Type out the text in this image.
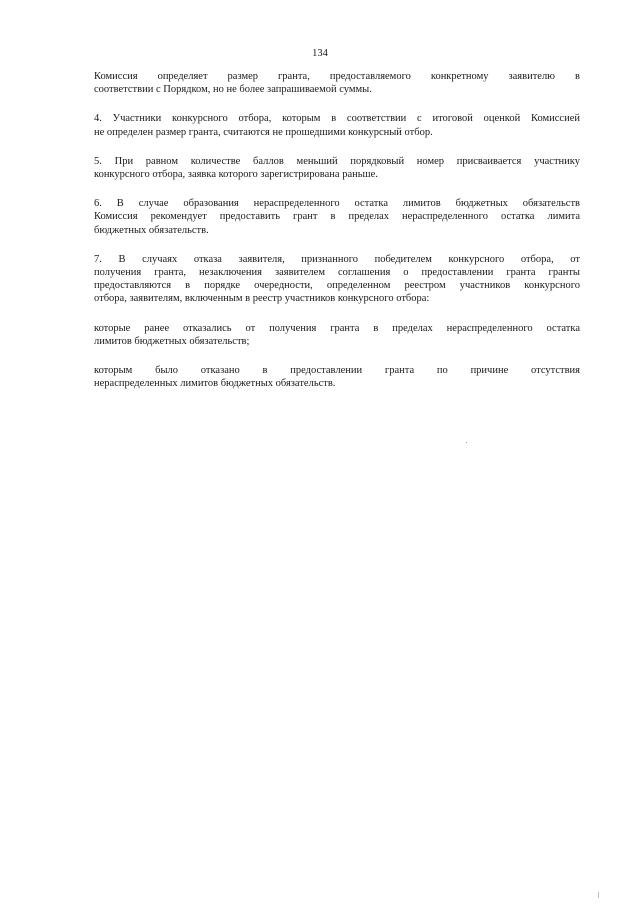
134

Комиссия определяет размер гранта, предоставляемого конкретному заявителю в
соответствии с Порядком, но не более запрашиваемой суммы.

4. Участники конкурсного отбора, которым в соответствии с итоговой оценкой Комиссией
не определен размер гранта, считаются не прошедшими конкурсный отбор.

5. При равном количестве баллов меньший порядковый номер присваивается участнику
конкурсного отбора, заявка которого зарегистрирована раньше.

6. В случае образования нераспределенного остатка лимитов бюджетных обязательств
Комиссия рекомендует предоставить грант в пределах нераспределенного остатка лимита
бюджетных обязательств.

7. В случаях отказа заявителя, признанного победителем конкурсного отбора, от
получения гранта, незаключения заявителем соглашения о предоставлении гранта гранты
предоставляются в порядке очередности, определенном реестром участников конкурсного
отбора, заявителям, включенным в реестр участников конкурсного отбора:

которые ранее отказались от получения гранта в пределах нераспределенного остатка
лимитов бюджетных обязательств;

которым было отказано в предоставлении гранта по причине отсутствия
нераспределенных лимитов бюджетных обязательств.
